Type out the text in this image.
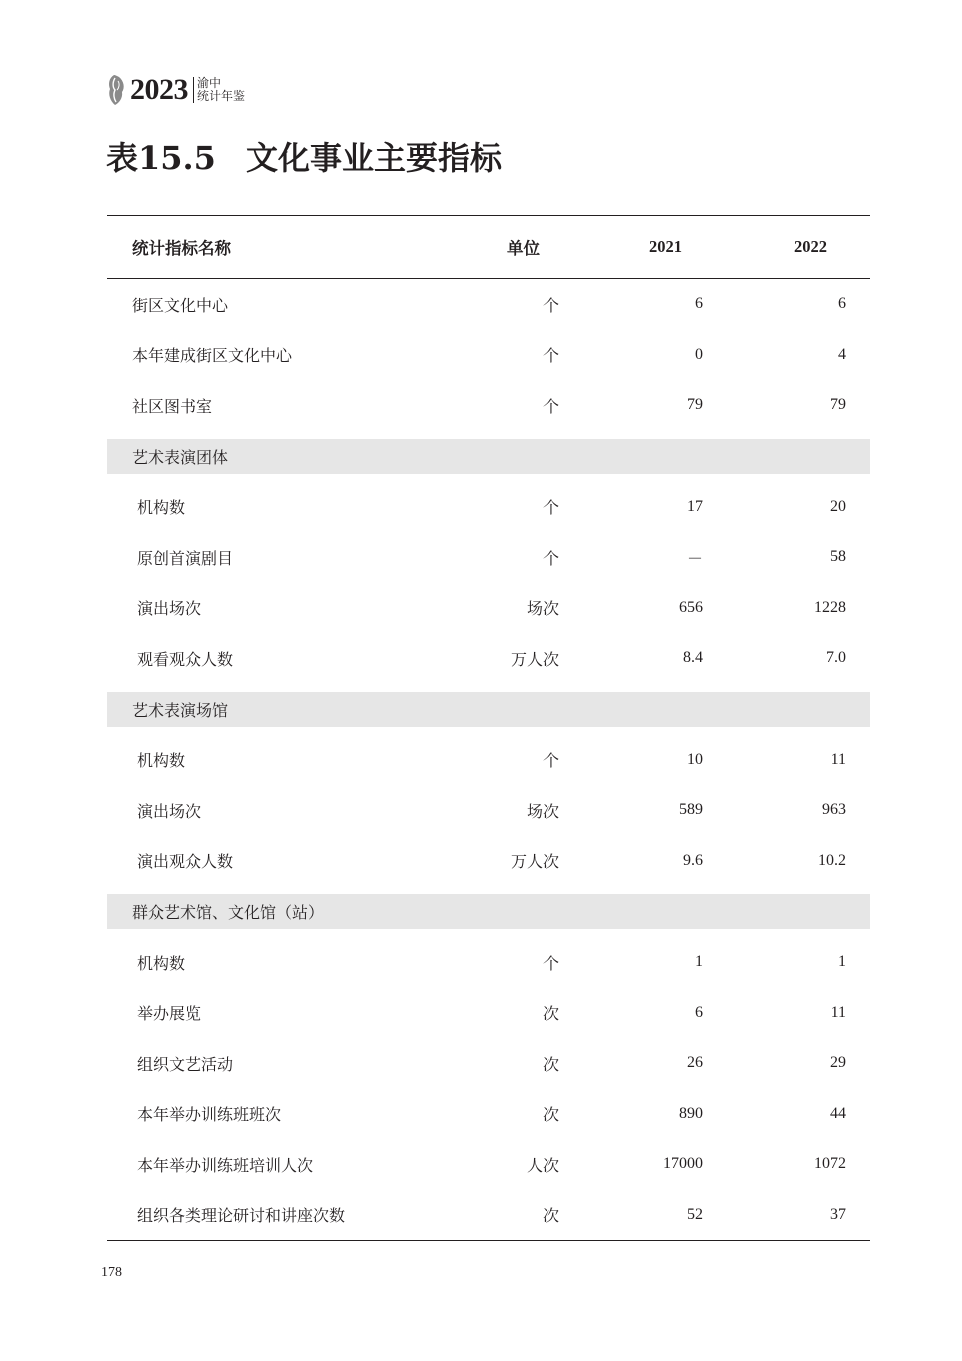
2023 渝中
统计年鉴
表15.5 文化事业主要指标
统计指标名称	单位	2021	2022
街区文化中心	个	6	6
本年建成街区文化中心	个	0	4
社区图书室	个	79	79
艺术表演团体
机构数	个	17	20
原创首演剧目	个	－	58
演出场次	场次	656	1228
观看观众人数	万人次	8.4	7.0
艺术表演场馆
机构数	个	10	11
演出场次	场次	589	963
演出观众人数	万人次	9.6	10.2
群众艺术馆、文化馆（站）
机构数	个	1	1
举办展览	次	6	11
组织文艺活动	次	26	29
本年举办训练班班次	次	890	44
本年举办训练班培训人次	人次	17000	1072
组织各类理论研讨和讲座次数	次	52	37
178
